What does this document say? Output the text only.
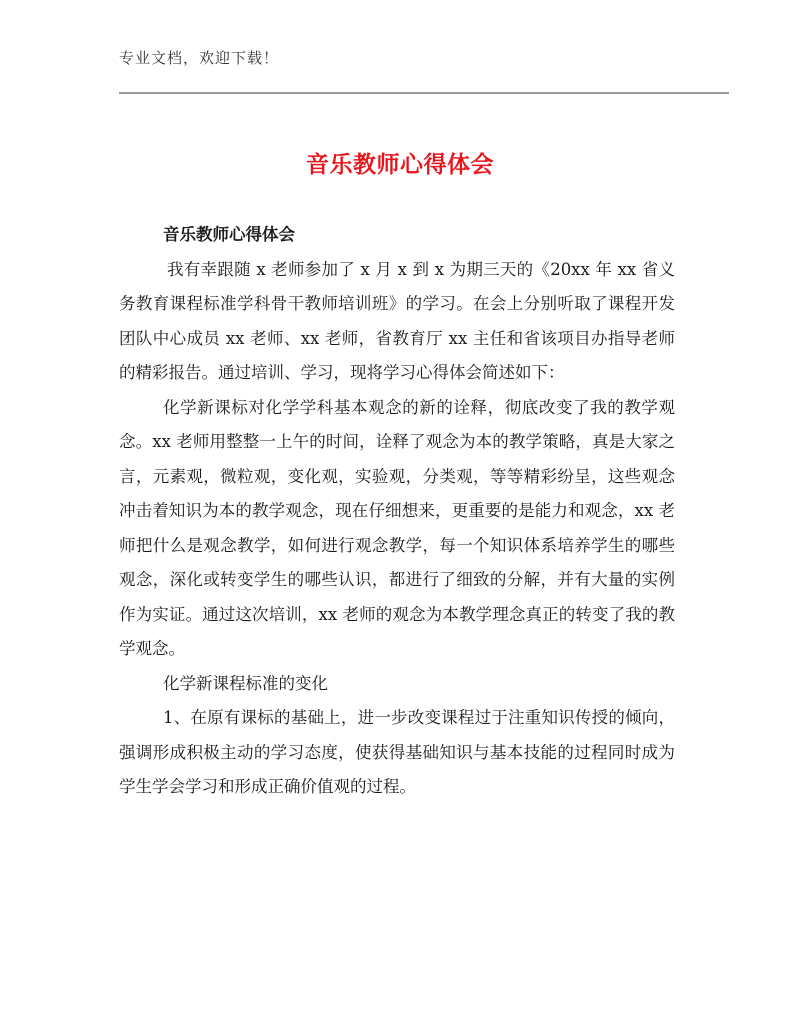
专业文档，欢迎下载！
音乐教师心得体会
音乐教师心得体会

我有幸跟随 x 老师参加了 x 月 x 到 x 为期三天的《20xx 年 xx 省义务教育课程标准学科骨干教师培训班》的学习。在会上分别听取了课程开发团队中心成员 xx 老师、xx 老师，省教育厅 xx 主任和省该项目办指导老师的精彩报告。通过培训、学习，现将学习心得体会简述如下：

化学新课标对化学学科基本观念的新的诠释，彻底改变了我的教学观念。xx 老师用整整一上午的时间，诠释了观念为本的教学策略，真是大家之言，元素观，微粒观，变化观，实验观，分类观，等等精彩纷呈，这些观念冲击着知识为本的教学观念，现在仔细想来，更重要的是能力和观念，xx 老师把什么是观念教学，如何进行观念教学，每一个知识体系培养学生的哪些观念，深化或转变学生的哪些认识，都进行了细致的分解，并有大量的实例作为实证。通过这次培训，xx 老师的观念为本教学理念真正的转变了我的教学观念。

化学新课程标准的变化

1、在原有课标的基础上，进一步改变课程过于注重知识传授的倾向，强调形成积极主动的学习态度，使获得基础知识与基本技能的过程同时成为学生学会学习和形成正确价值观的过程。
